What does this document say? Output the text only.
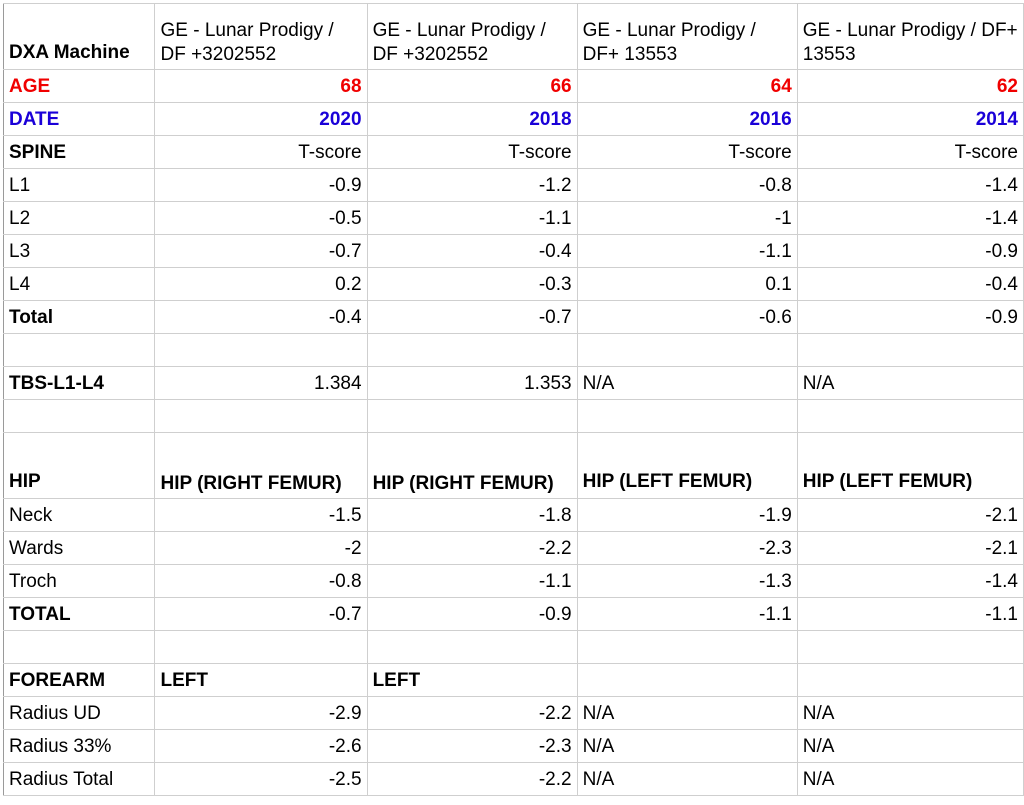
DXA Machine	GE - Lunar Prodigy / DF +3202552	GE - Lunar Prodigy / DF +3202552	GE - Lunar Prodigy / DF+ 13553	GE - Lunar Prodigy / DF+ 13553
AGE	68	66	64	62
DATE	2020	2018	2016	2014
SPINE	T-score	T-score	T-score	T-score
L1	-0.9	-1.2	-0.8	-1.4
L2	-0.5	-1.1	-1	-1.4
L3	-0.7	-0.4	-1.1	-0.9
L4	0.2	-0.3	0.1	-0.4
Total	-0.4	-0.7	-0.6	-0.9

TBS-L1-L4	1.384	1.353	N/A	N/A

HIP	HIP (RIGHT FEMUR)	HIP (RIGHT FEMUR)	HIP (LEFT FEMUR)	HIP (LEFT FEMUR)
Neck	-1.5	-1.8	-1.9	-2.1
Wards	-2	-2.2	-2.3	-2.1
Troch	-0.8	-1.1	-1.3	-1.4
TOTAL	-0.7	-0.9	-1.1	-1.1

FOREARM	LEFT	LEFT		
Radius UD	-2.9	-2.2	N/A	N/A
Radius 33%	-2.6	-2.3	N/A	N/A
Radius Total	-2.5	-2.2	N/A	N/A
